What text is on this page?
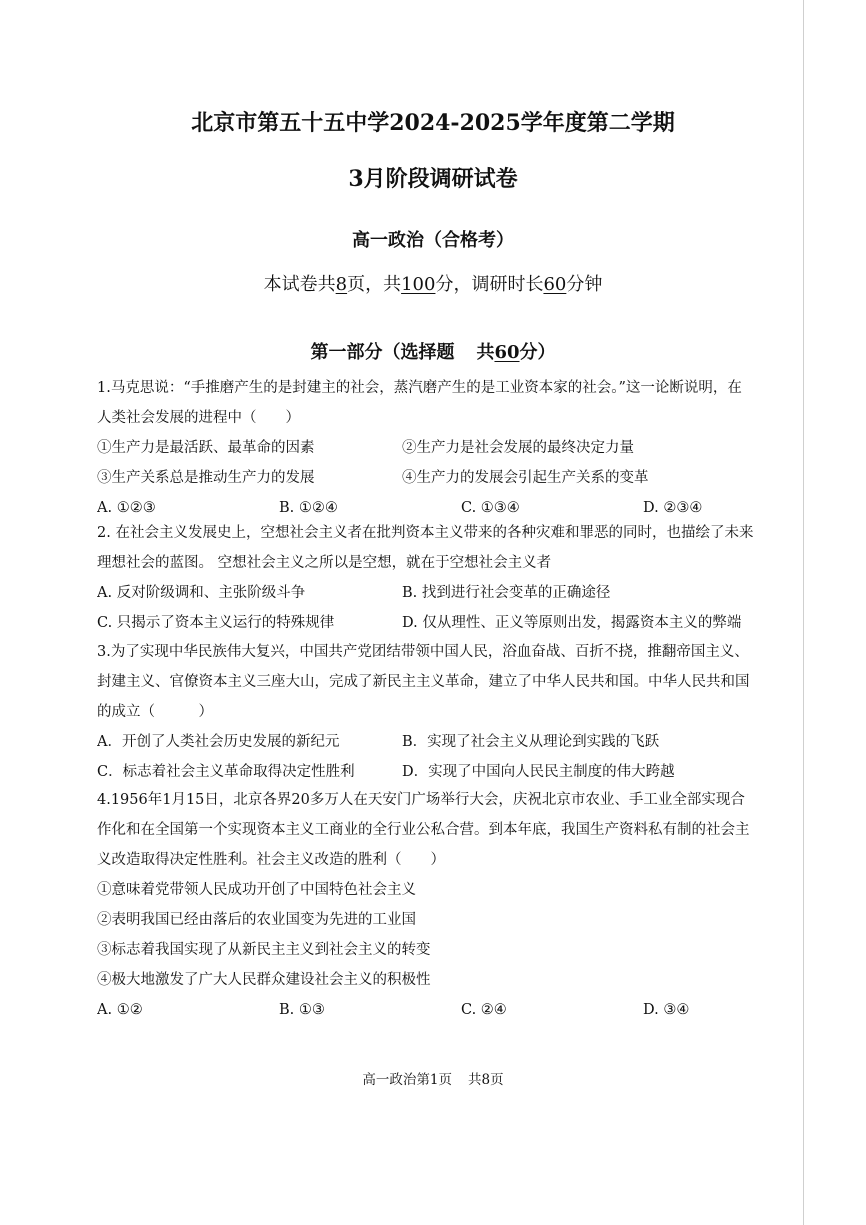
北京市第五十五中学2024-2025学年度第二学期
3月阶段调研试卷
高一政治（合格考）
本试卷共8页，共100分，调研时长60分钟
第一部分（选择题 共60分）
1.马克思说：“手推磨产生的是封建主的社会，蒸汽磨产生的是工业资本家的社会。”这一论断说明，在
人类社会发展的进程中（　　）
①生产力是最活跃、最革命的因素	②生产力是社会发展的最终决定力量
③生产关系总是推动生产力的发展	④生产力的发展会引起生产关系的变革
A. ①②③	B. ①②④	C. ①③④	D. ②③④
2. 在社会主义发展史上，空想社会主义者在批判资本主义带来的各种灾难和罪恶的同时，也描绘了未来
理想社会的蓝图。 空想社会主义之所以是空想，就在于空想社会主义者
A. 反对阶级调和、主张阶级斗争	B. 找到进行社会变革的正确途径
C. 只揭示了资本主义运行的特殊规律	D. 仅从理性、正义等原则出发，揭露资本主义的弊端
3.为了实现中华民族伟大复兴，中国共产党团结带领中国人民，浴血奋战、百折不挠，推翻帝国主义、
封建主义、官僚资本主义三座大山，完成了新民主主义革命，建立了中华人民共和国。中华人民共和国
的成立（　　　）
A．开创了人类社会历史发展的新纪元	B．实现了社会主义从理论到实践的飞跃
C．标志着社会主义革命取得决定性胜利	D．实现了中国向人民民主制度的伟大跨越
4.1956年1月15日，北京各界20多万人在天安门广场举行大会，庆祝北京市农业、手工业全部实现合
作化和在全国第一个实现资本主义工商业的全行业公私合营。到本年底，我国生产资料私有制的社会主
义改造取得决定性胜利。社会主义改造的胜利（　　）
①意味着党带领人民成功开创了中国特色社会主义
②表明我国已经由落后的农业国变为先进的工业国
③标志着我国实现了从新民主主义到社会主义的转变
④极大地激发了广大人民群众建设社会主义的积极性
A. ①②	B. ①③	C. ②④	D. ③④
高一政治第1页 共8页
